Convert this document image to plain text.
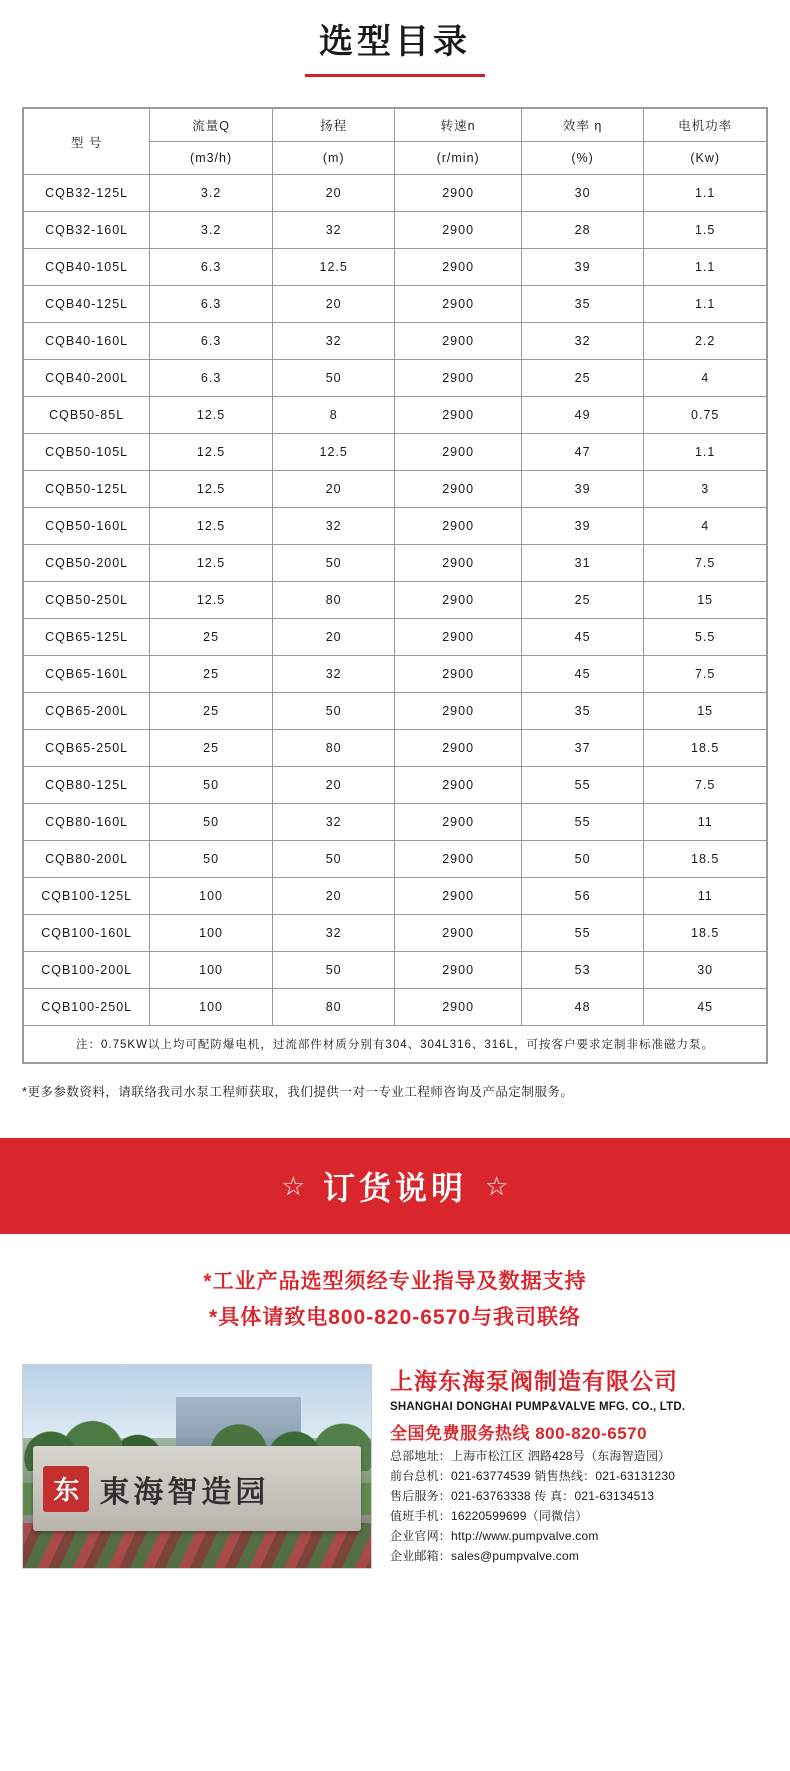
选型目录
型 号	流量Q	扬程	转速n	效率 η	电机功率
	(m3/h)	(m)	(r/min)	(%)	(Kw)
CQB32-125L	3.2	20	2900	30	1.1
CQB32-160L	3.2	32	2900	28	1.5
CQB40-105L	6.3	12.5	2900	39	1.1
CQB40-125L	6.3	20	2900	35	1.1
CQB40-160L	6.3	32	2900	32	2.2
CQB40-200L	6.3	50	2900	25	4
CQB50-85L	12.5	8	2900	49	0.75
CQB50-105L	12.5	12.5	2900	47	1.1
CQB50-125L	12.5	20	2900	39	3
CQB50-160L	12.5	32	2900	39	4
CQB50-200L	12.5	50	2900	31	7.5
CQB50-250L	12.5	80	2900	25	15
CQB65-125L	25	20	2900	45	5.5
CQB65-160L	25	32	2900	45	7.5
CQB65-200L	25	50	2900	35	15
CQB65-250L	25	80	2900	37	18.5
CQB80-125L	50	20	2900	55	7.5
CQB80-160L	50	32	2900	55	11
CQB80-200L	50	50	2900	50	18.5
CQB100-125L	100	20	2900	56	11
CQB100-160L	100	32	2900	55	18.5
CQB100-200L	100	50	2900	53	30
CQB100-250L	100	80	2900	48	45
注：0.75KW以上均可配防爆电机，过流部件材质分别有304、304L316、316L，可按客户要求定制非标准磁力泵。					
*更多参数资料，请联络我司水泵工程师获取，我们提供一对一专业工程师咨询及产品定制服务。
☆ 订货说明 ☆
*工业产品选型须经专业指导及数据支持
*具体请致电800-820-6570与我司联络
东 東海智造园
上海东海泵阀制造有限公司
SHANGHAI DONGHAI PUMP&VALVE MFG. CO., LTD.
全国免费服务热线 800-820-6570
总部地址：上海市松江区 泗路428号（东海智造园）
前台总机：021-63774539 销售热线：021-63131230
售后服务：021-63763338 传 真：021-63134513
值班手机：16220599699（同微信）
企业官网：http://www.pumpvalve.com
企业邮箱：sales@pumpvalve.com
